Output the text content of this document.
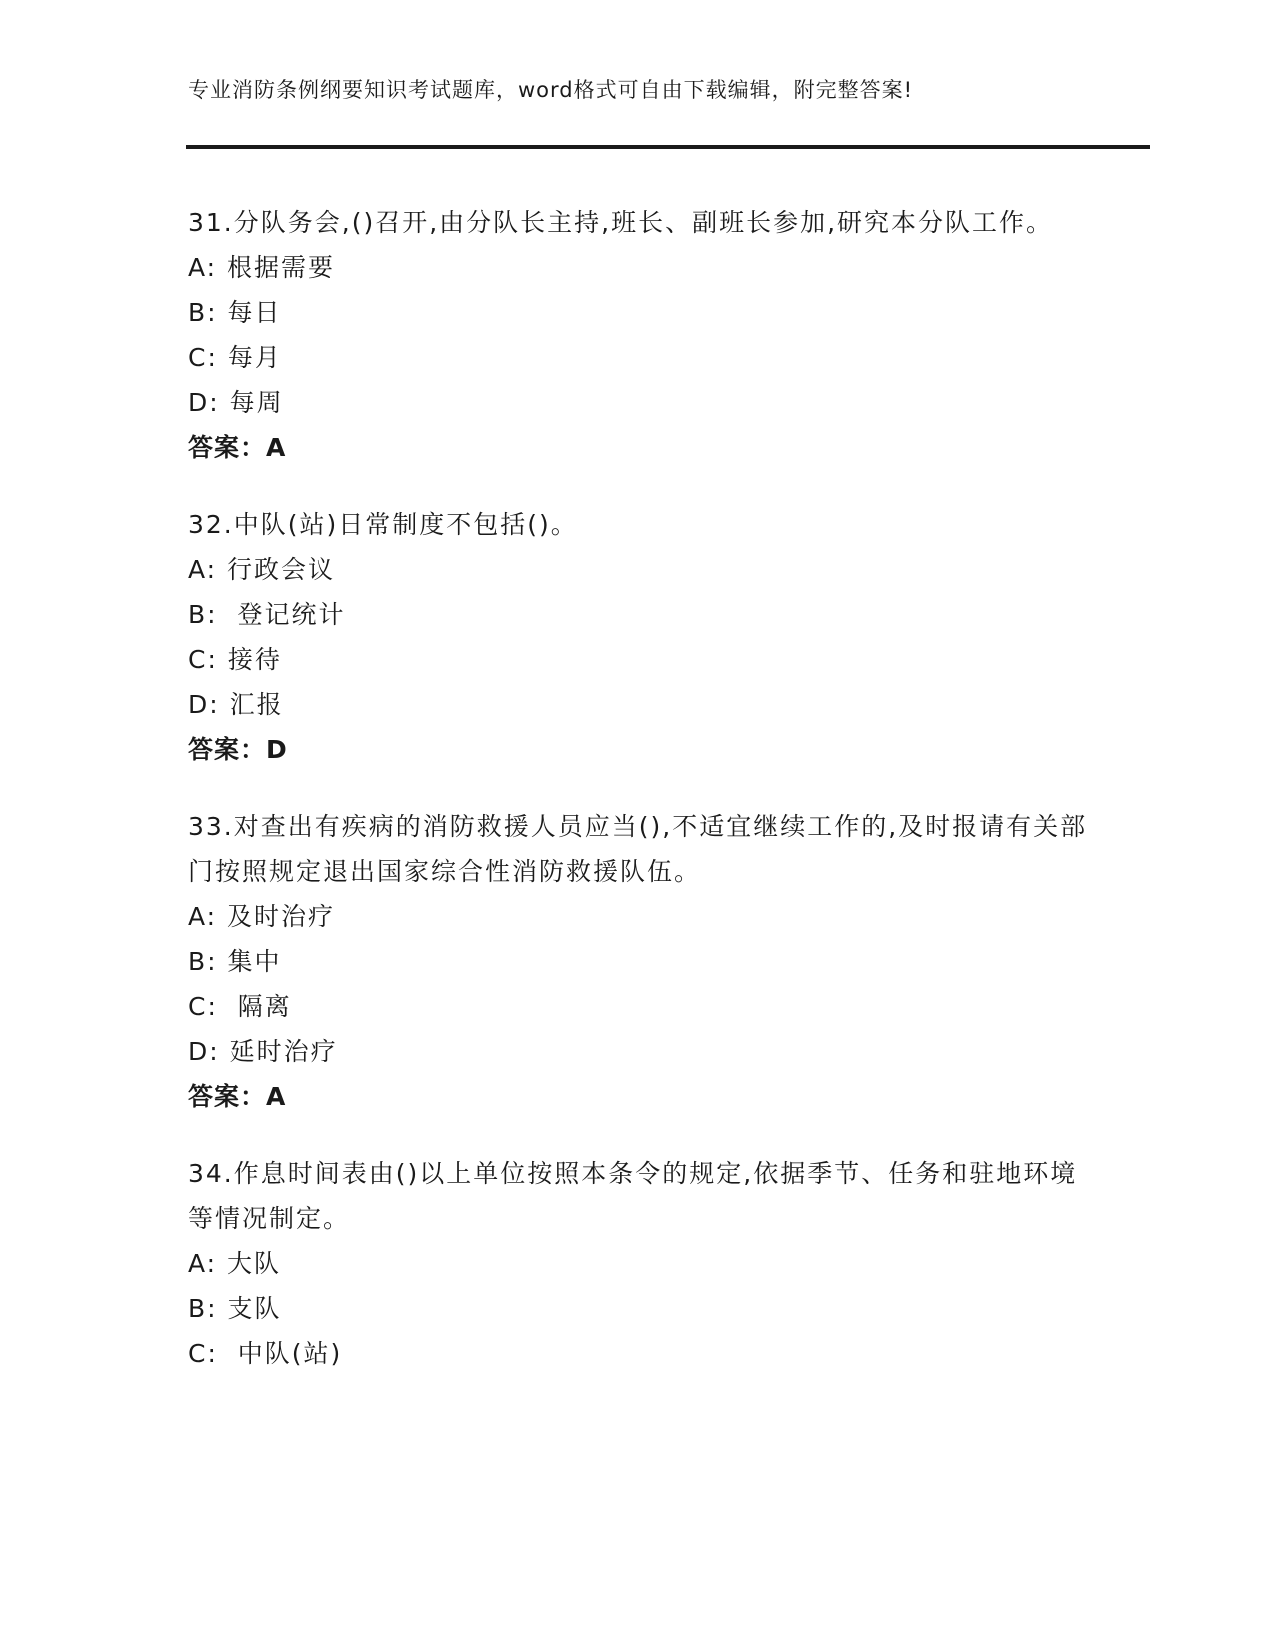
专业消防条例纲要知识考试题库，word格式可自由下载编辑，附完整答案!

31.分队务会,()召开,由分队长主持,班长、副班长参加,研究本分队工作。

A: 根据需要

B: 每日

C: 每月

D: 每周

答案：A

32.中队(站)日常制度不包括()。

A: 行政会议

B:  登记统计

C: 接待

D: 汇报

答案：D

33.对查出有疾病的消防救援人员应当(),不适宜继续工作的,及时报请有关部门按照规定退出国家综合性消防救援队伍。

A: 及时治疗

B: 集中

C:  隔离

D: 延时治疗

答案：A

34.作息时间表由()以上单位按照本条令的规定,依据季节、任务和驻地环境等情况制定。

A: 大队

B: 支队

C:  中队(站)
